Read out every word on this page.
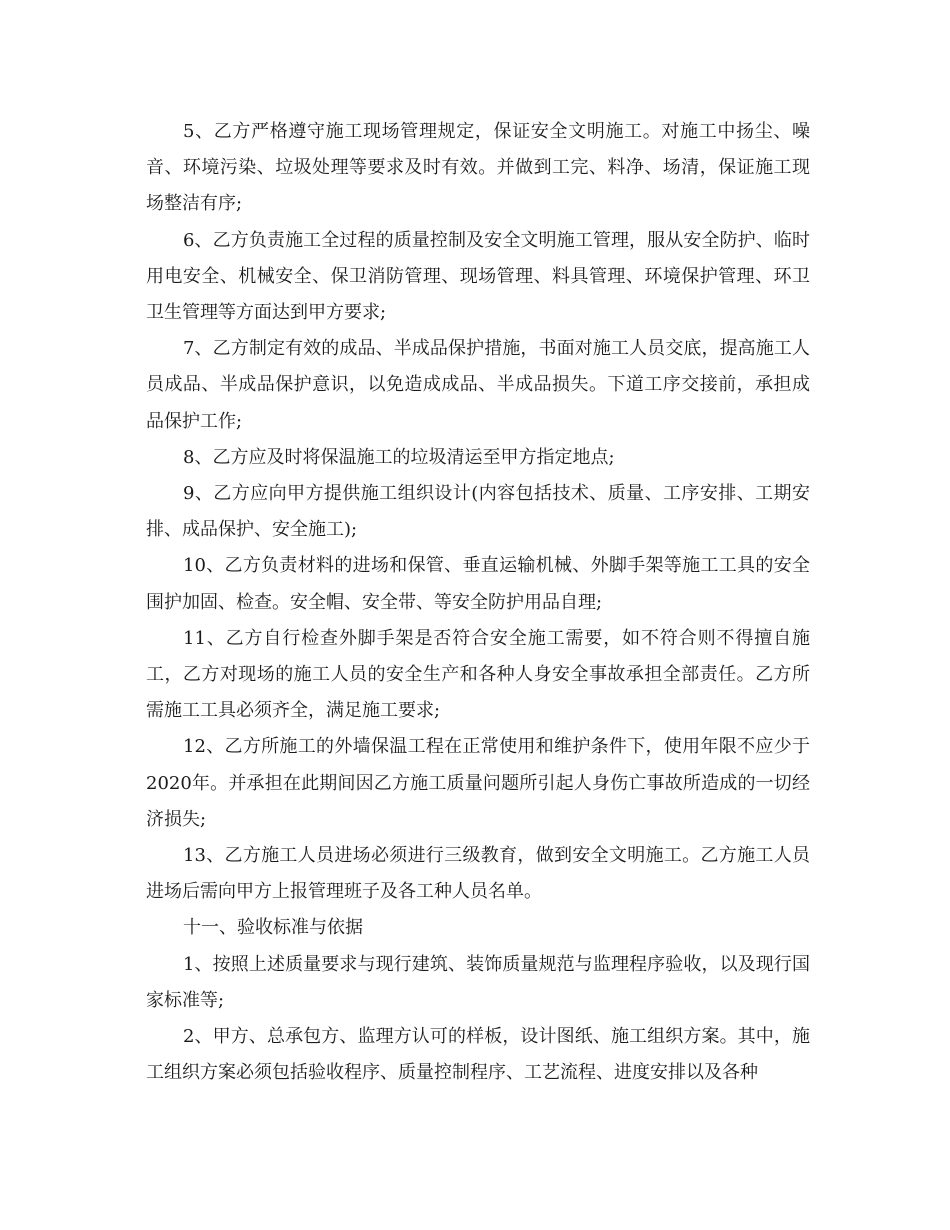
5、乙方严格遵守施工现场管理规定，保证安全文明施工。对施工中扬尘、噪音、环境污染、垃圾处理等要求及时有效。并做到工完、料净、场清，保证施工现场整洁有序;

6、乙方负责施工全过程的质量控制及安全文明施工管理，服从安全防护、临时用电安全、机械安全、保卫消防管理、现场管理、料具管理、环境保护管理、环卫卫生管理等方面达到甲方要求;

7、乙方制定有效的成品、半成品保护措施，书面对施工人员交底，提高施工人员成品、半成品保护意识，以免造成成品、半成品损失。下道工序交接前，承担成品保护工作;

8、乙方应及时将保温施工的垃圾清运至甲方指定地点;

9、乙方应向甲方提供施工组织设计(内容包括技术、质量、工序安排、工期安排、成品保护、安全施工);

10、乙方负责材料的进场和保管、垂直运输机械、外脚手架等施工工具的安全围护加固、检查。安全帽、安全带、等安全防护用品自理;

11、乙方自行检查外脚手架是否符合安全施工需要，如不符合则不得擅自施工，乙方对现场的施工人员的安全生产和各种人身安全事故承担全部责任。乙方所需施工工具必须齐全，满足施工要求;

12、乙方所施工的外墙保温工程在正常使用和维护条件下，使用年限不应少于2020年。并承担在此期间因乙方施工质量问题所引起人身伤亡事故所造成的一切经济损失;

13、乙方施工人员进场必须进行三级教育，做到安全文明施工。乙方施工人员进场后需向甲方上报管理班子及各工种人员名单。

十一、验收标准与依据

1、按照上述质量要求与现行建筑、装饰质量规范与监理程序验收，以及现行国家标准等;

2、甲方、总承包方、监理方认可的样板，设计图纸、施工组织方案。其中，施工组织方案必须包括验收程序、质量控制程序、工艺流程、进度安排以及各种
